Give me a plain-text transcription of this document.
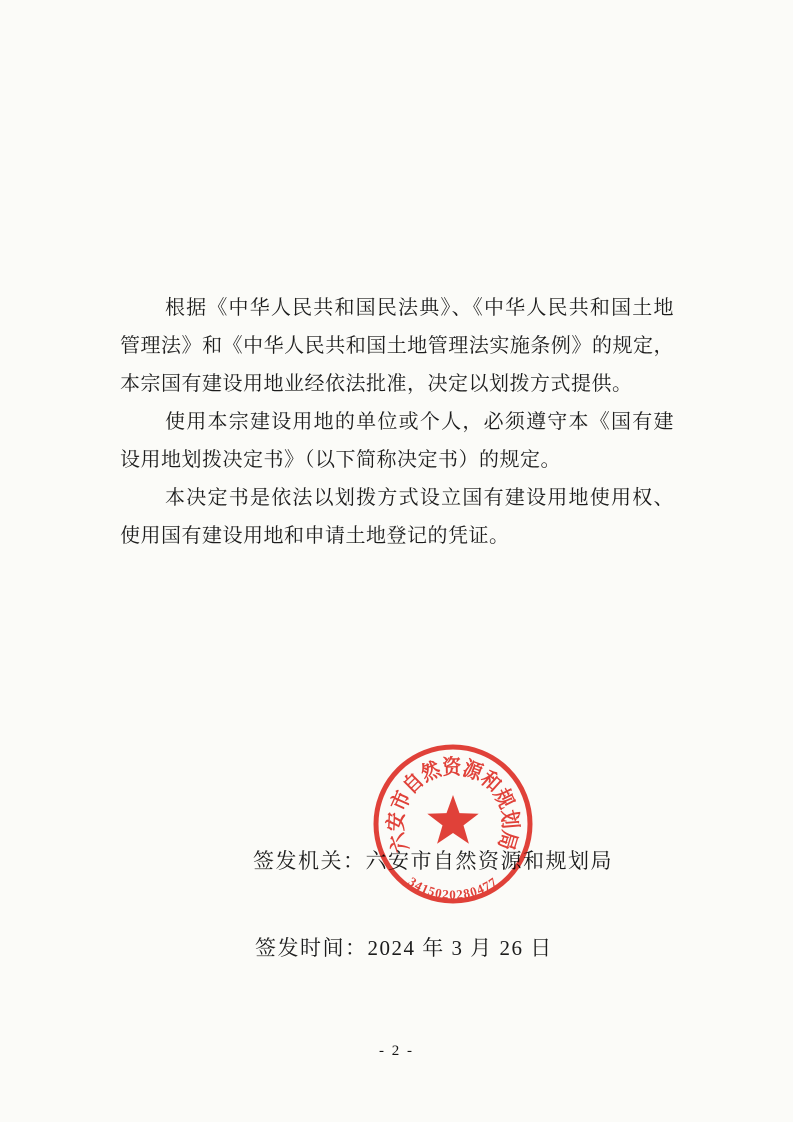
根据《中华人民共和国民法典》、《中华人民共和国土地

管理法》和《中华人民共和国土地管理法实施条例》的规定，

本宗国有建设用地业经依法批准，决定以划拨方式提供。

使用本宗建设用地的单位或个人，必须遵守本《国有建

设用地划拨决定书》（以下简称决定书）的规定。

本决定书是依法以划拨方式设立国有建设用地使用权、

使用国有建设用地和申请土地登记的凭证。

签发机关：六安市自然资源和规划局
签发时间：2024 年 3 月 26 日
六安市自然资源和规划局
3415020280477
- 2 -
